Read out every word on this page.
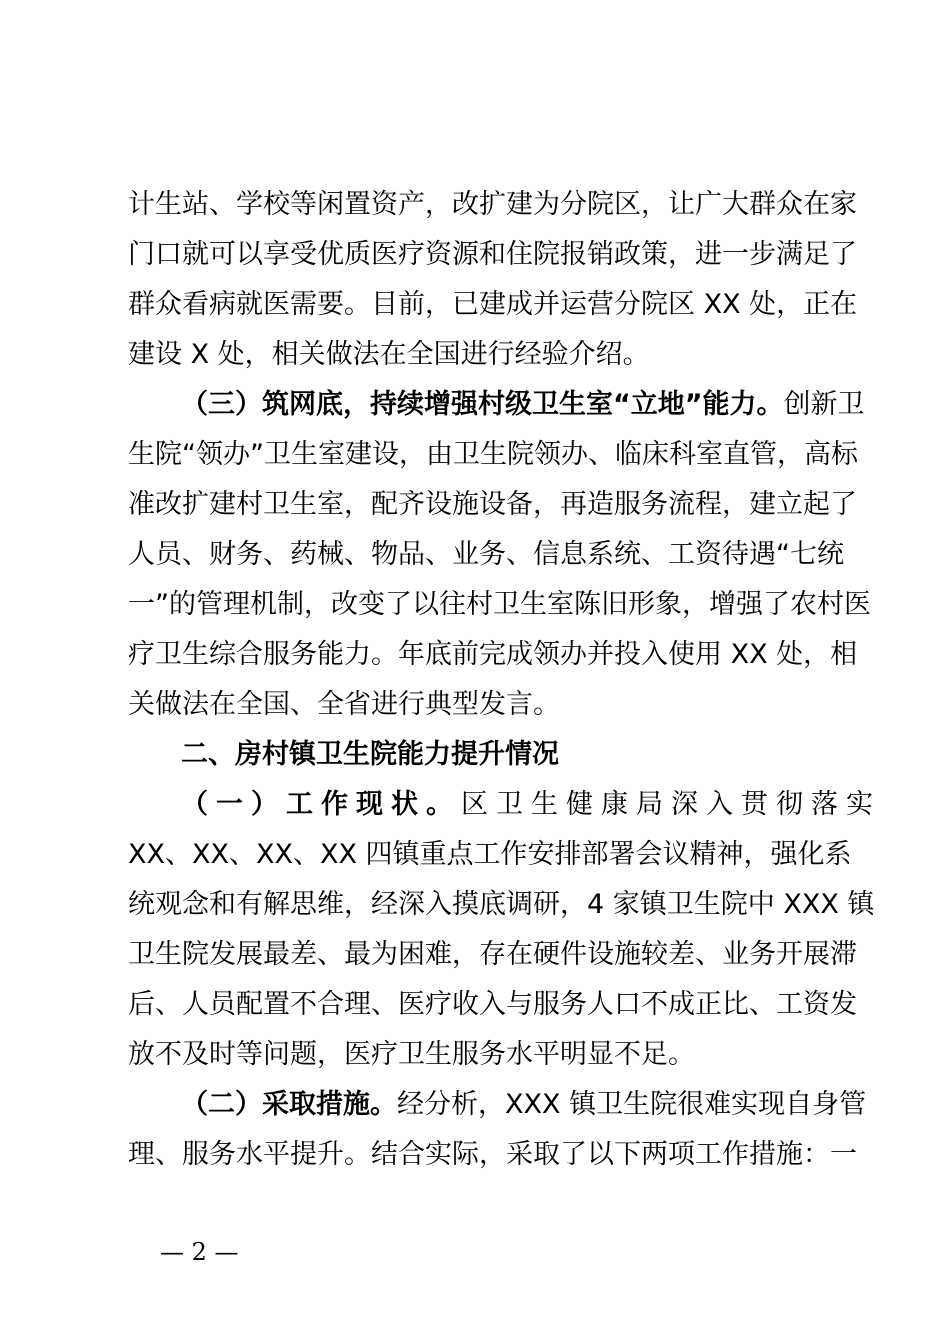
计生站、学校等闲置资产，改扩建为分院区，让广大群众在家
门口就可以享受优质医疗资源和住院报销政策，进一步满足了
群众看病就医需要。目前，已建成并运营分院区 XX 处，正在
建设 X 处，相关做法在全国进行经验介绍。
（三）筑网底，持续增强村级卫生室“立地”能力。创新卫
生院“领办”卫生室建设，由卫生院领办、临床科室直管，高标
准改扩建村卫生室，配齐设施设备，再造服务流程，建立起了
人员、财务、药械、物品、业务、信息系统、工资待遇“七统
一”的管理机制，改变了以往村卫生室陈旧形象，增强了农村医
疗卫生综合服务能力。年底前完成领办并投入使用 XX 处，相
关做法在全国、全省进行典型发言。
二、房村镇卫生院能力提升情况
（一）工作现状。区卫生健康局深入贯彻落实
XX、XX、XX、XX 四镇重点工作安排部署会议精神，强化系
统观念和有解思维，经深入摸底调研，4 家镇卫生院中 XXX 镇
卫生院发展最差、最为困难，存在硬件设施较差、业务开展滞
后、人员配置不合理、医疗收入与服务人口不成正比、工资发
放不及时等问题，医疗卫生服务水平明显不足。
（二）采取措施。经分析，XXX 镇卫生院很难实现自身管
理、服务水平提升。结合实际，采取了以下两项工作措施：一
— 2 —
